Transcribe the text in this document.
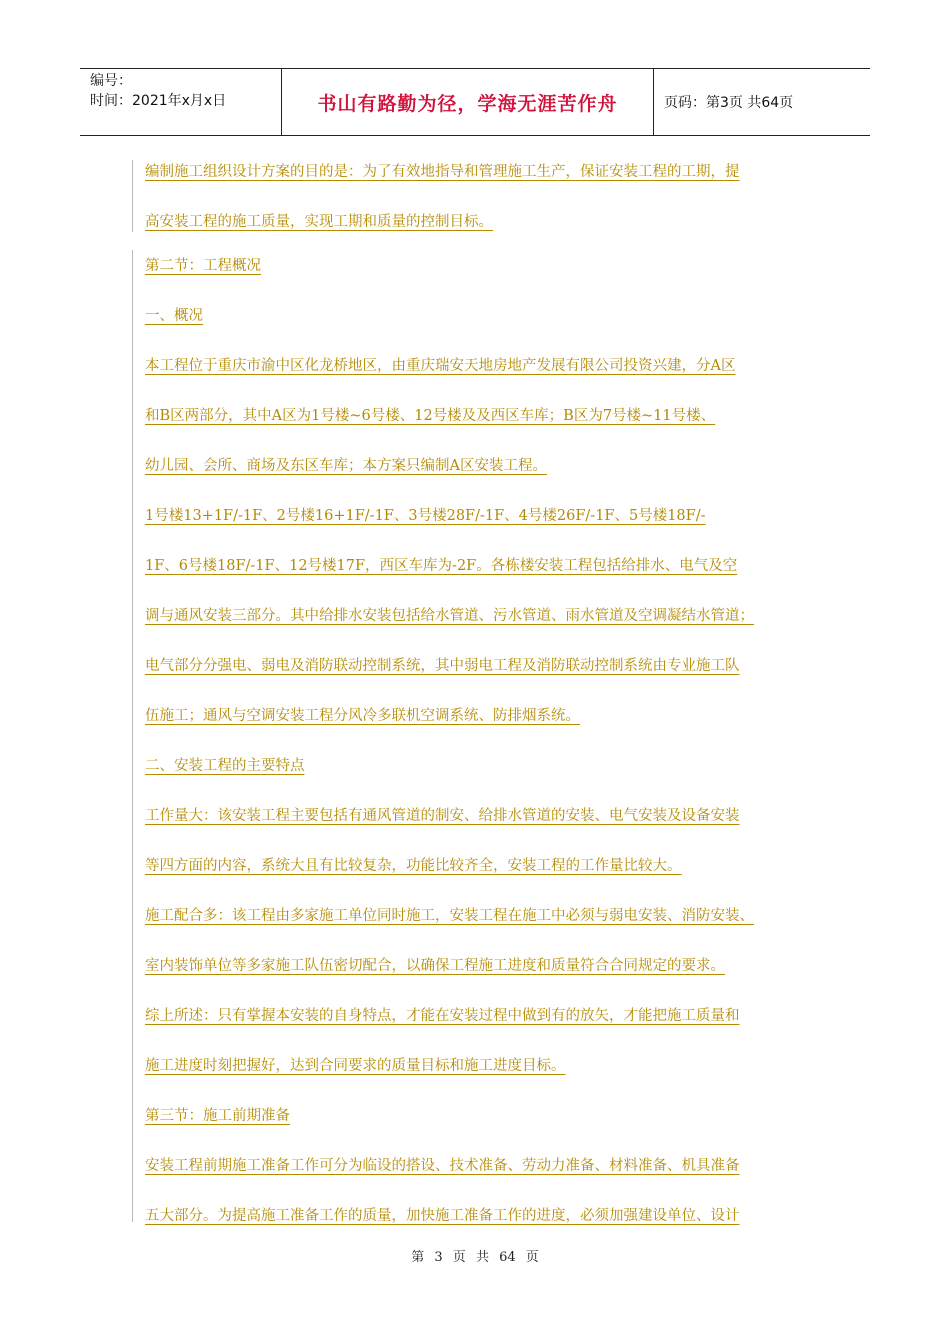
编号：
时间：2021年x月x日	书山有路勤为径，学海无涯苦作舟	页码：第3页 共64页
编制施工组织设计方案的目的是：为了有效地指导和管理施工生产，保证安装工程的工期，提
高安装工程的施工质量，实现工期和质量的控制目标。
第二节：工程概况
一、概况
本工程位于重庆市渝中区化龙桥地区，由重庆瑞安天地房地产发展有限公司投资兴建，分A区
和B区两部分，其中A区为1号楼~6号楼、12号楼及及西区车库；B区为7号楼~11号楼、
幼儿园、会所、商场及东区车库；本方案只编制A区安装工程。
1号楼13+1F/-1F、2号楼16+1F/-1F、3号楼28F/-1F、4号楼26F/-1F、5号楼18F/-
1F、6号楼18F/-1F、12号楼17F，西区车库为-2F。各栋楼安装工程包括给排水、电气及空
调与通风安装三部分。其中给排水安装包括给水管道、污水管道、雨水管道及空调凝结水管道；
电气部分分强电、弱电及消防联动控制系统，其中弱电工程及消防联动控制系统由专业施工队
伍施工；通风与空调安装工程分风冷多联机空调系统、防排烟系统。
二、安装工程的主要特点
工作量大：该安装工程主要包括有通风管道的制安、给排水管道的安装、电气安装及设备安装
等四方面的内容，系统大且有比较复杂，功能比较齐全，安装工程的工作量比较大。
施工配合多：该工程由多家施工单位同时施工，安装工程在施工中必须与弱电安装、消防安装、
室内装饰单位等多家施工队伍密切配合，以确保工程施工进度和质量符合合同规定的要求。
综上所述：只有掌握本安装的自身特点，才能在安装过程中做到有的放矢，才能把施工质量和
施工进度时刻把握好，达到合同要求的质量目标和施工进度目标。
第三节：施工前期准备
安装工程前期施工准备工作可分为临设的搭设、技术准备、劳动力准备、材料准备、机具准备
五大部分。为提高施工准备工作的质量，加快施工准备工作的进度，必须加强建设单位、设计
第 3 页 共 64 页
